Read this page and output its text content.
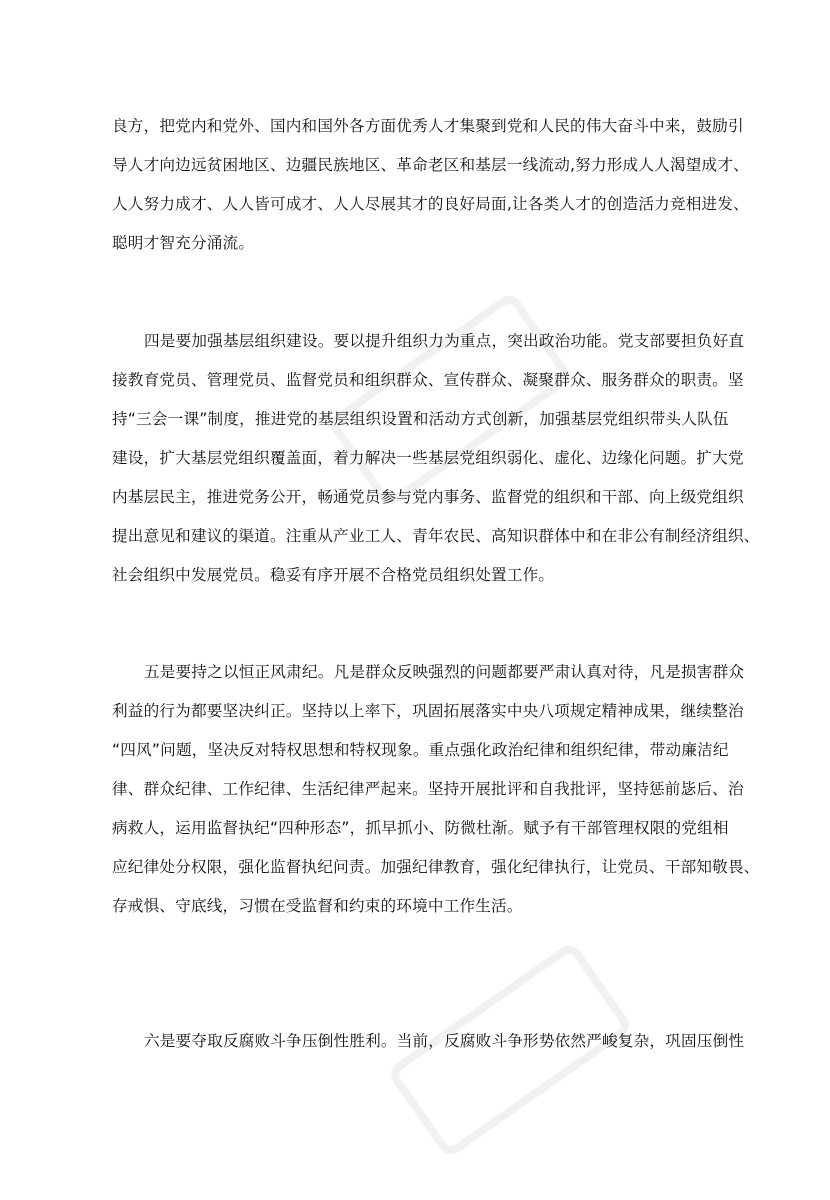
良方，把党内和党外、国内和国外各方面优秀人才集聚到党和人民的伟大奋斗中来，鼓励引
导人才向边远贫困地区、边疆民族地区、革命老区和基层一线流动,努力形成人人渴望成才、
人人努力成才、人人皆可成才、人人尽展其才的良好局面,让各类人才的创造活力竞相进发、
聪明才智充分涌流。
四是要加强基层组织建设。要以提升组织力为重点，突出政治功能。党支部要担负好直
接教育党员、管理党员、监督党员和组织群众、宣传群众、凝聚群众、服务群众的职责。坚
持“三会一课”制度，推进党的基层组织设置和活动方式创新，加强基层党组织带头人队伍
建设，扩大基层党组织覆盖面，着力解决一些基层党组织弱化、虚化、边缘化问题。扩大党
内基层民主，推进党务公开，畅通党员参与党内事务、监督党的组织和干部、向上级党组织
提出意见和建议的渠道。注重从产业工人、青年农民、高知识群体中和在非公有制经济组织、
社会组织中发展党员。稳妥有序开展不合格党员组织处置工作。
五是要持之以恒正风肃纪。凡是群众反映强烈的问题都要严肃认真对待，凡是损害群众
利益的行为都要坚决纠正。坚持以上率下，巩固拓展落实中央八项规定精神成果，继续整治
“四风”问题，坚决反对特权思想和特权现象。重点强化政治纪律和组织纪律，带动廉洁纪
律、群众纪律、工作纪律、生活纪律严起来。坚持开展批评和自我批评，坚持惩前毖后、治
病救人，运用监督执纪“四种形态”，抓早抓小、防微杜渐。赋予有干部管理权限的党组相
应纪律处分权限，强化监督执纪问责。加强纪律教育，强化纪律执行，让党员、干部知敬畏、
存戒惧、守底线，习惯在受监督和约束的环境中工作生活。
六是要夺取反腐败斗争压倒性胜利。当前，反腐败斗争形势依然严峻复杂，巩固压倒性
